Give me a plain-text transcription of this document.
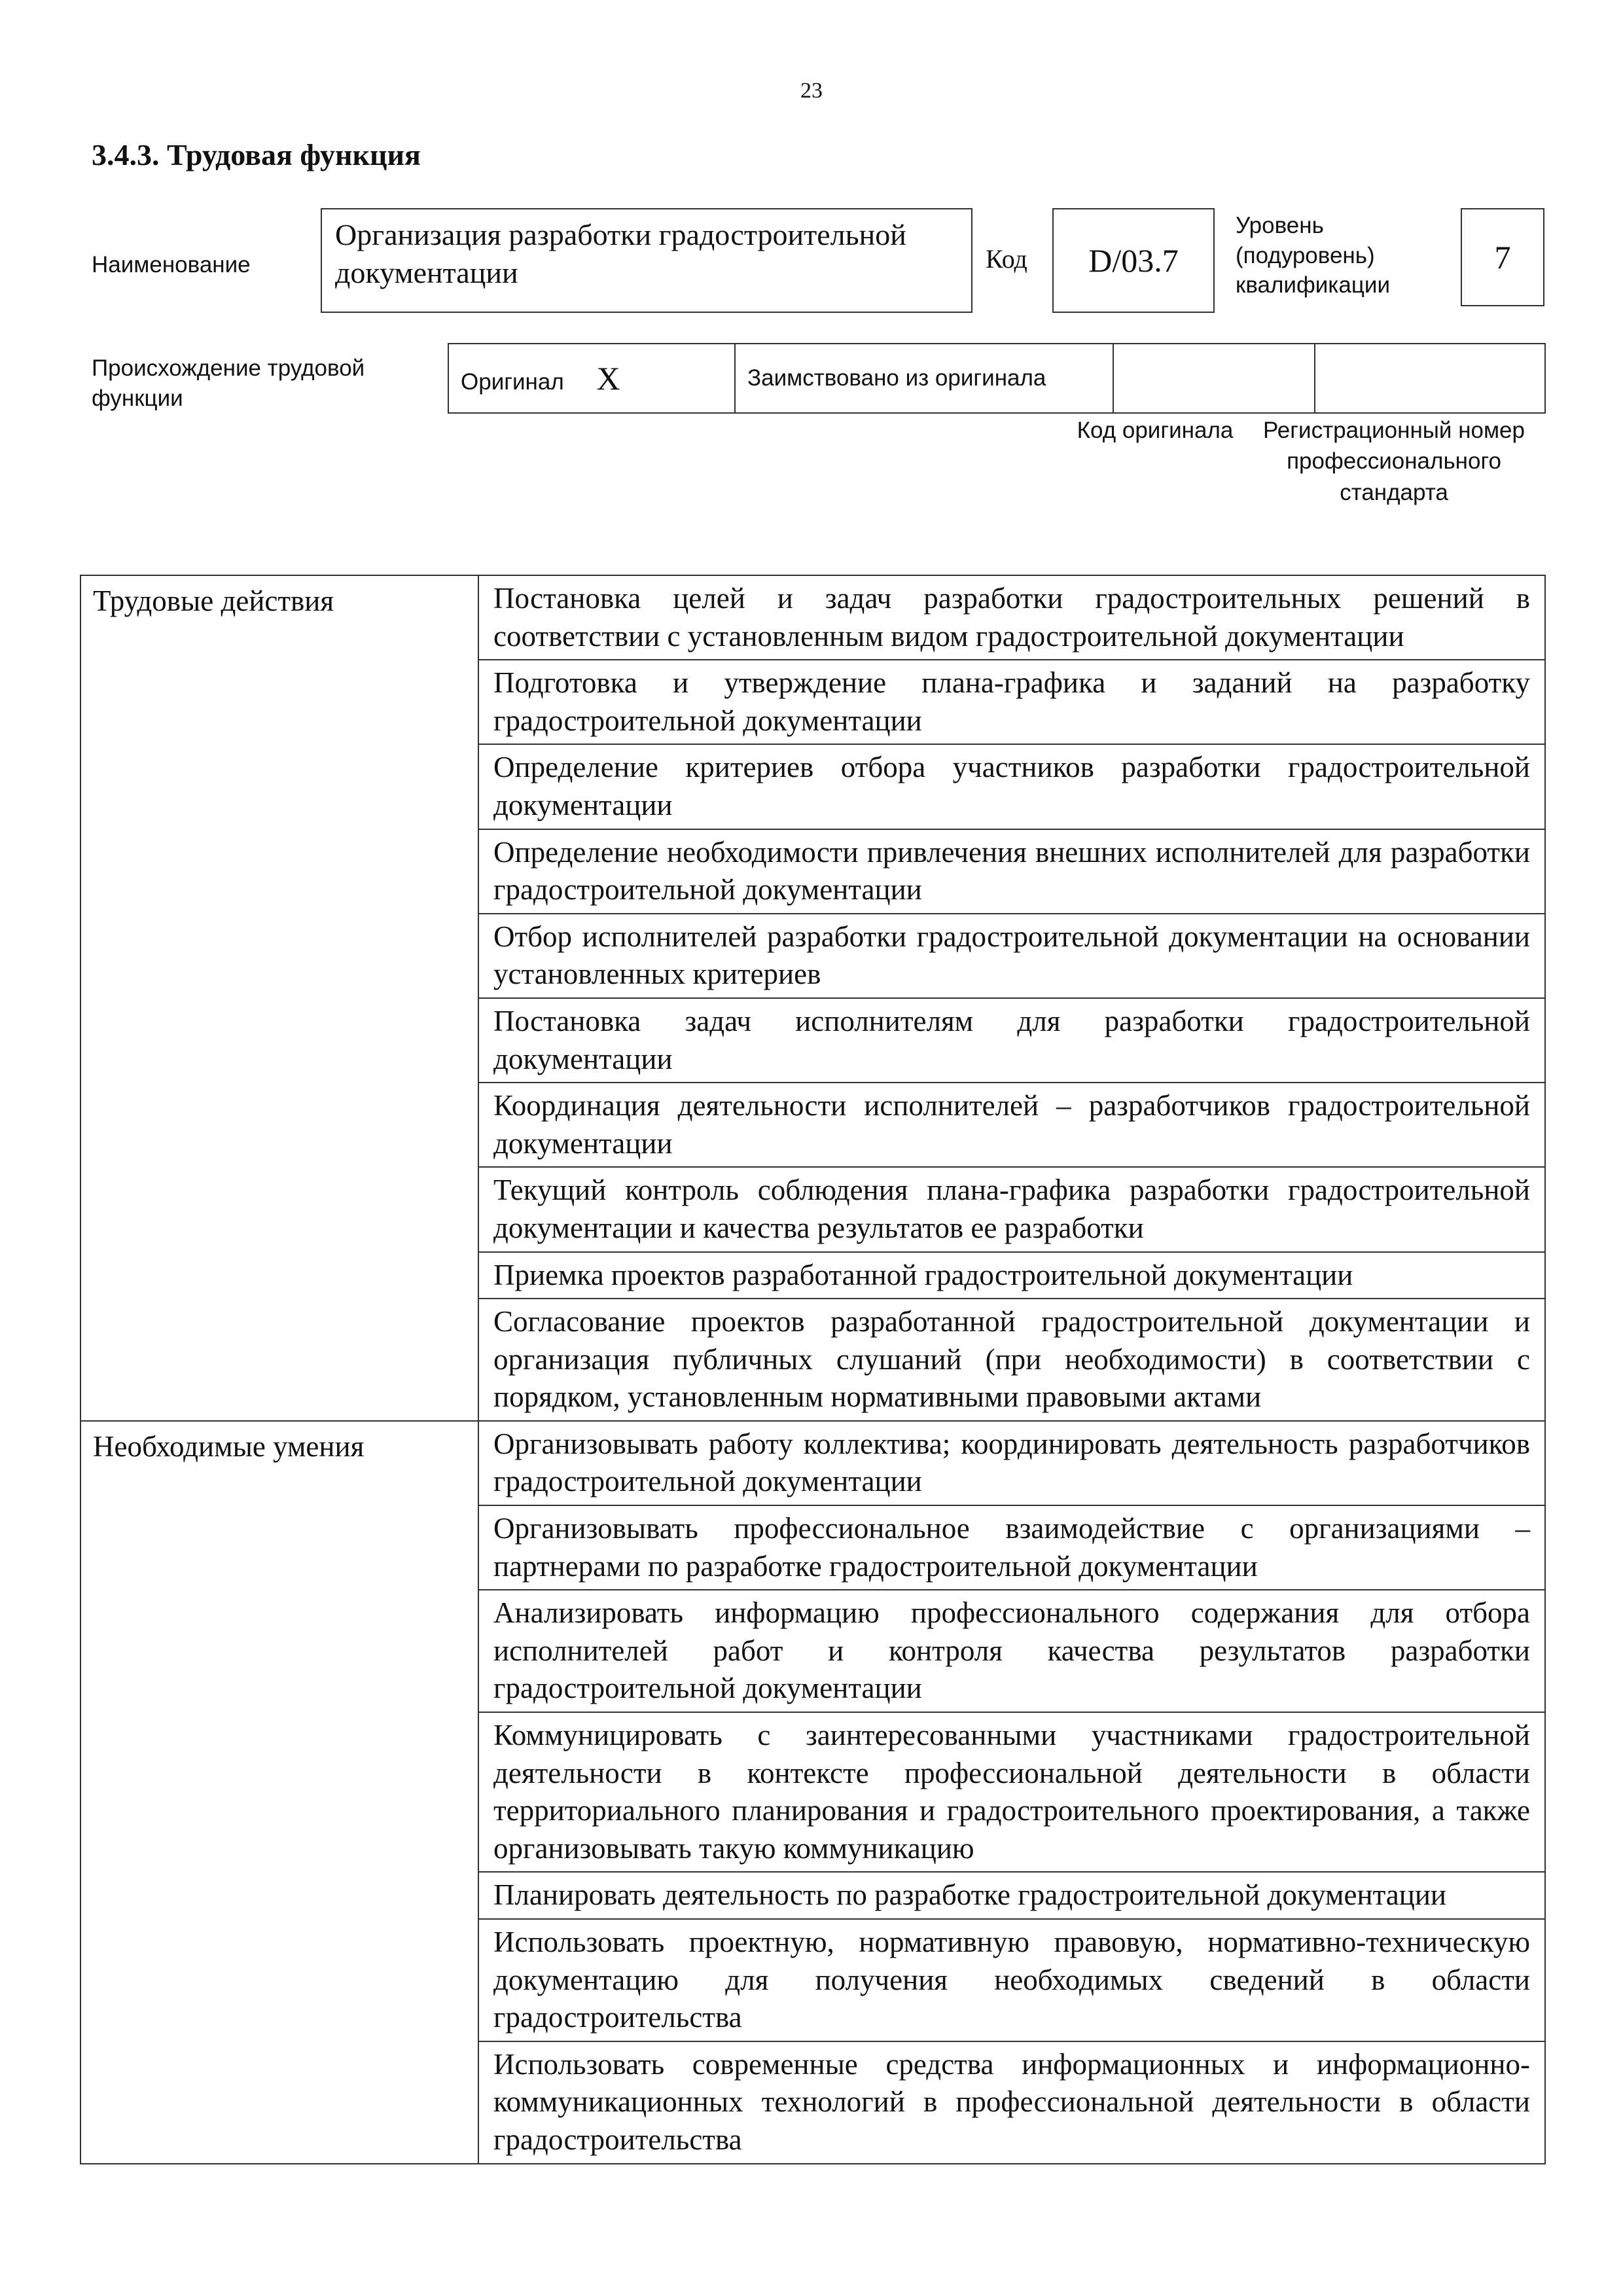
23
3.4.3. Трудовая функция
Наименование
Организация разработки градостроительной документации	Код	D/03.7
Уровень (подуровень) квалификации
7
Происхождение трудовой функции
Оригинал X	Заимствовано из оригинала

Код оригинала	Регистрационный номер профессионального стандарта
Трудовые действия	Постановка целей и задач разработки градостроительных решений в соответствии с установленным видом градостроительной документации
	Подготовка и утверждение плана-графика и заданий на разработку градостроительной документации
	Определение критериев отбора участников разработки градостроительной документации
	Определение необходимости привлечения внешних исполнителей для разработки градостроительной документации
	Отбор исполнителей разработки градостроительной документации на основании установленных критериев
	Постановка задач исполнителям для разработки градостроительной документации
	Координация деятельности исполнителей – разработчиков градостроительной документации
	Текущий контроль соблюдения плана-графика разработки градостроительной документации и качества результатов ее разработки
	Приемка проектов разработанной градостроительной документации
	Согласование проектов разработанной градостроительной документации и организация публичных слушаний (при необходимости) в соответствии с порядком, установленным нормативными правовыми актами
Необходимые умения	Организовывать работу коллектива; координировать деятельность разработчиков градостроительной документации
	Организовывать профессиональное взаимодействие с организациями – партнерами по разработке градостроительной документации
	Анализировать информацию профессионального содержания для отбора исполнителей работ и контроля качества результатов разработки градостроительной документации
	Коммуницировать с заинтересованными участниками градостроительной деятельности в контексте профессиональной деятельности в области территориального планирования и градостроительного проектирования, а также организовывать такую коммуникацию
	Планировать деятельность по разработке градостроительной документации
	Использовать проектную, нормативную правовую, нормативно-техническую документацию для получения необходимых сведений в области градостроительства
	Использовать современные средства информационных и информационно-коммуникационных технологий в профессиональной деятельности в области градостроительства
